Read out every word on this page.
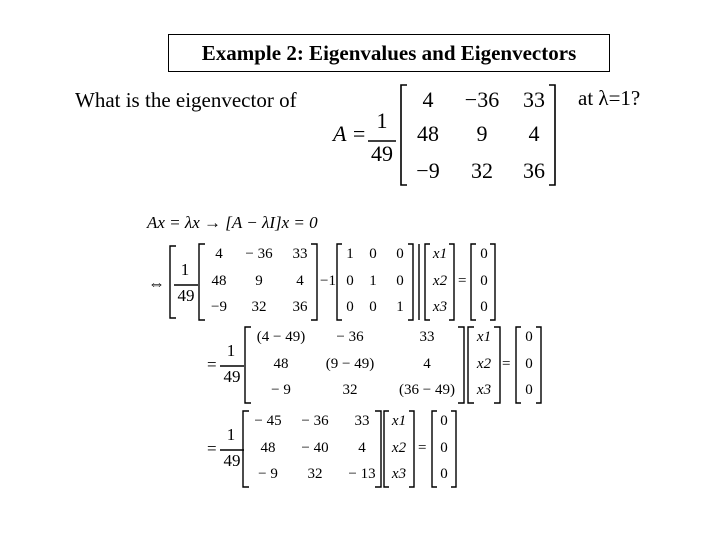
Example 2: Eigenvalues and Eigenvectors
What is the eigenvector of	at λ=1?
A =
1
49
4	−36	33
48	9	4
−9	32	36
Ax = λx → [A − λI]x = 0
⇔
1
49
4	− 36	33
48	9	4
−9	32	36
−1
1	0	0
0	1	0
0	0	1
x1
x2
x3
=
0
0
0
=
1
49
(4 − 49)	− 36	33
48	(9 − 49)	4
− 9	32	(36 − 49)
x1
x2
x3
=
0
0
0
=
1
49
− 45	− 36	33
48	− 40	4
− 9	32	− 13
x1
x2
x3
=
0
0
0
